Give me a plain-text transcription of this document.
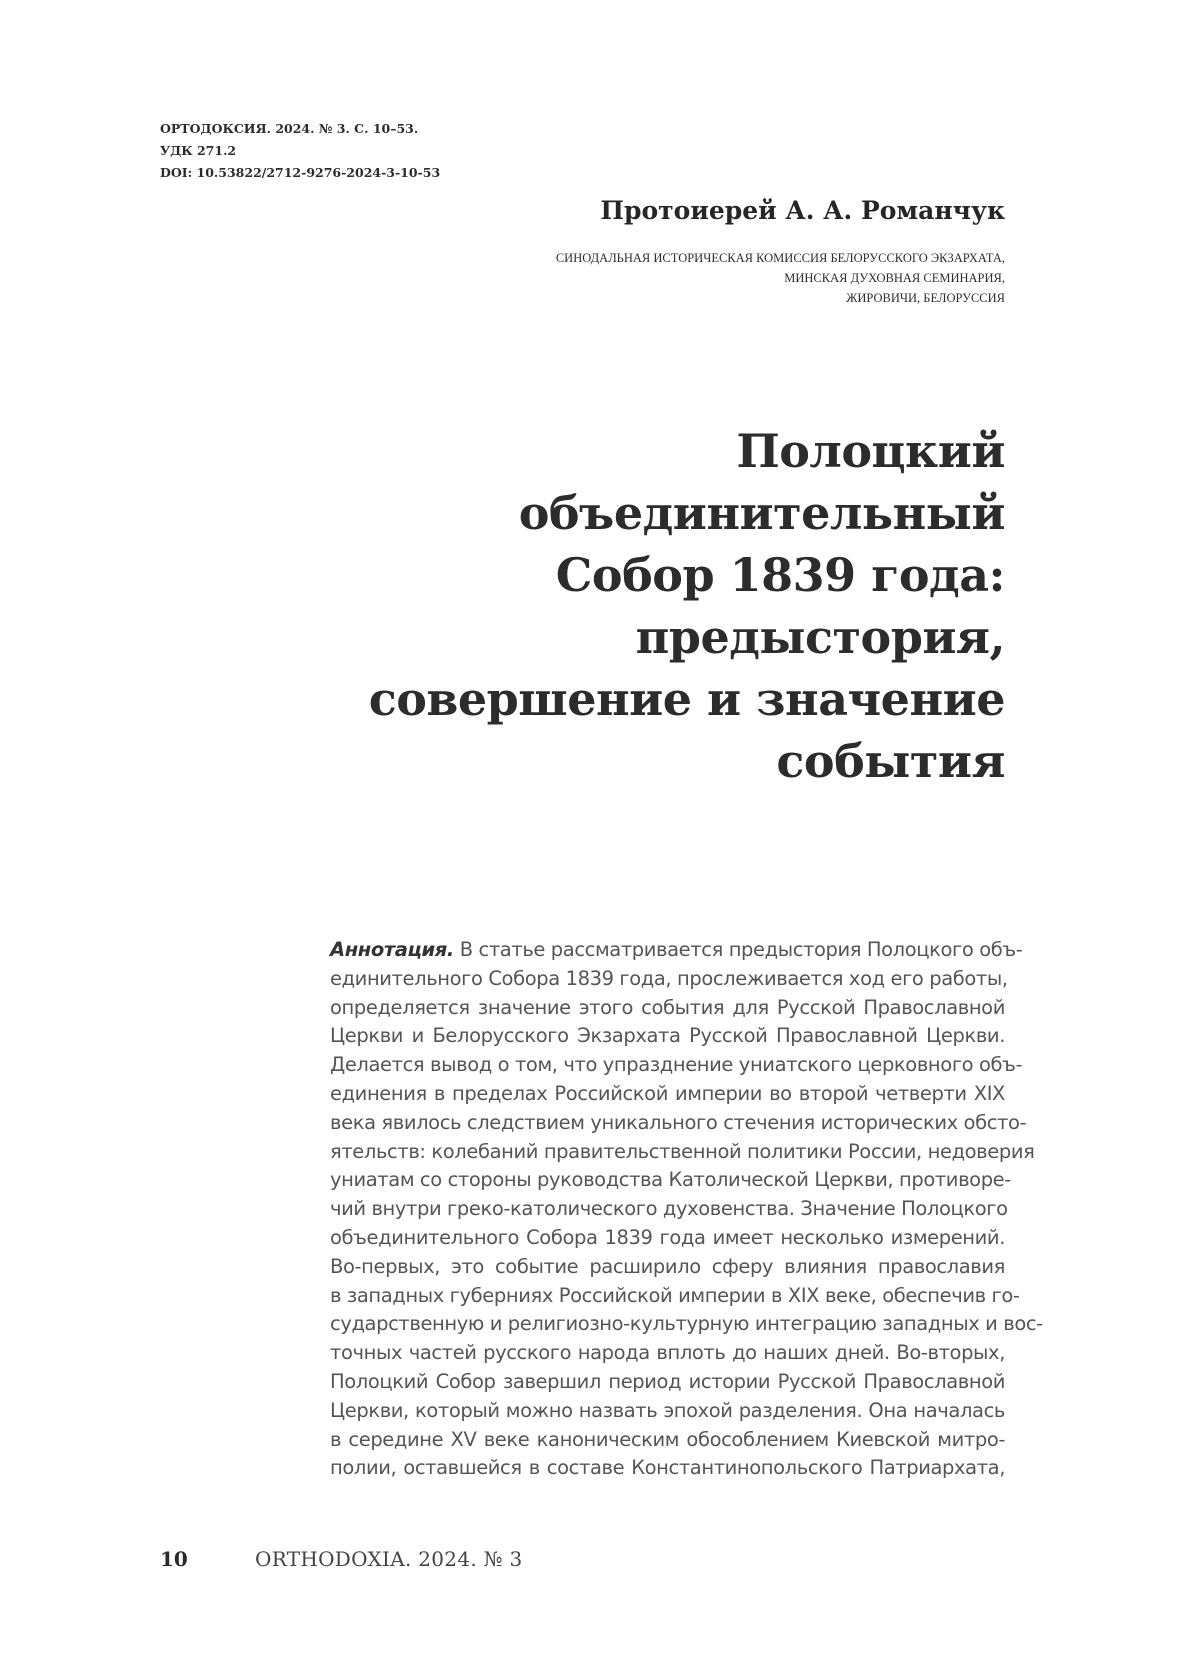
ОРТОДОКСИЯ. 2024. № 3. С. 10–53.
УДК 271.2
DOI: 10.53822/2712-9276-2024-3-10-53
Протоиерей А. А. Романчук
СИНОДАЛЬНАЯ ИСТОРИЧЕСКАЯ КОМИССИЯ БЕЛОРУССКОГО ЭКЗАРХАТА,
МИНСКАЯ ДУХОВНАЯ СЕМИНАРИЯ,
ЖИРОВИЧИ, БЕЛОРУССИЯ
Полоцкий
объединительный
Собор 1839 года:
предыстория,
совершение и значение
события
Аннотация. В статье рассматривается предыстория Полоцкого объ-
единительного Собора 1839 года, прослеживается ход его работы,
определяется значение этого события для Русской Православной
Церкви и Белорусского Экзархата Русской Православной Церкви.
Делается вывод о том, что упразднение униатского церковного объ-
единения в пределах Российской империи во второй четверти XIX
века явилось следствием уникального стечения исторических обсто-
ятельств: колебаний правительственной политики России, недоверия
униатам со стороны руководства Католической Церкви, противоре-
чий внутри греко-католического духовенства. Значение Полоцкого
объединительного Собора 1839 года имеет несколько измерений.
Во-первых, это событие расширило сферу влияния православия
в западных губерниях Российской империи в XIX веке, обеспечив го-
сударственную и религиозно-культурную интеграцию западных и вос-
точных частей русского народа вплоть до наших дней. Во-вторых,
Полоцкий Собор завершил период истории Русской Православной
Церкви, который можно назвать эпохой разделения. Она началась
в середине XV веке каноническим обособлением Киевской митро-
полии, оставшейся в составе Константинопольского Патриархата,
10	ORTHODOXIA. 2024. № 3
